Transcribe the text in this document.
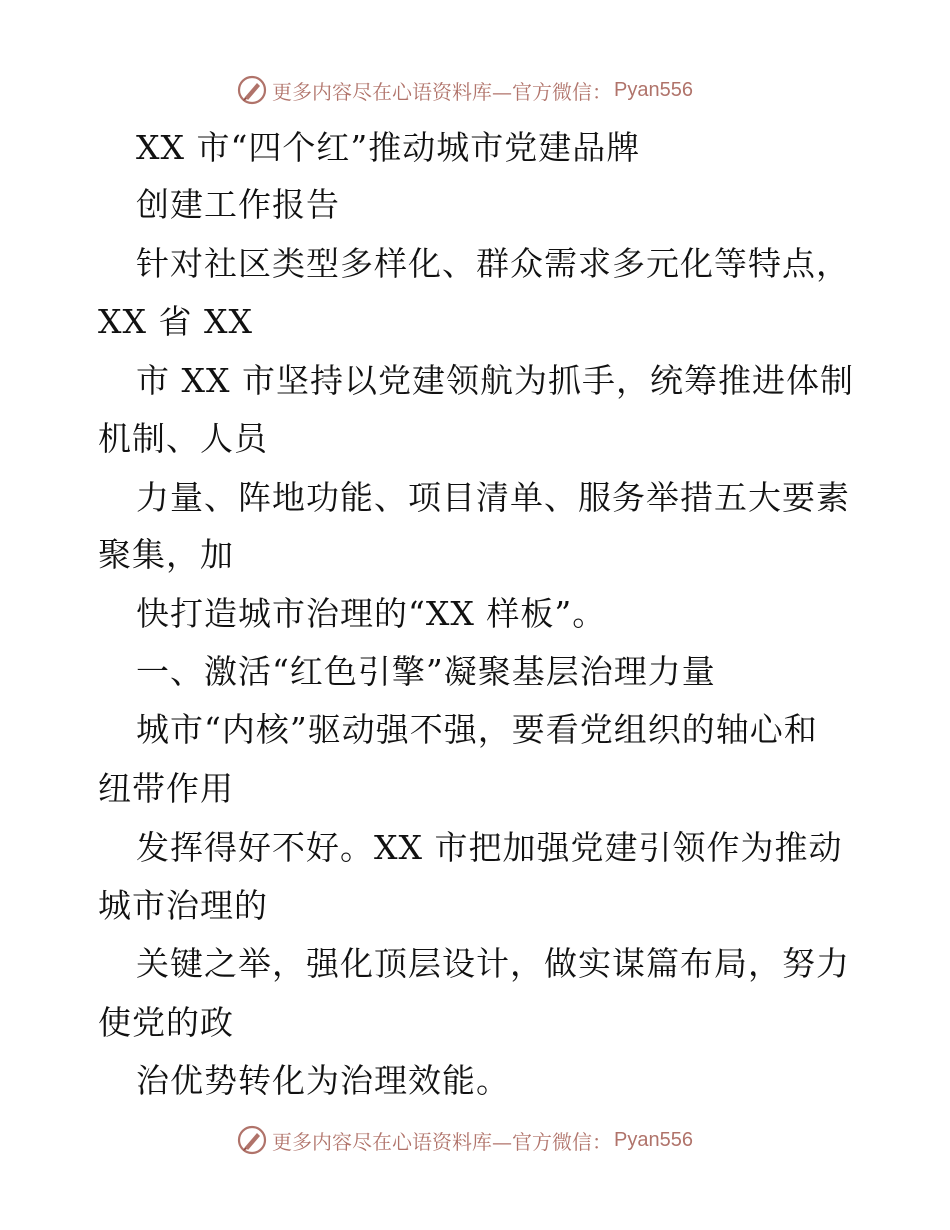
更多内容尽在心语资料库—官方微信： Pyan556
XX 市“四个红”推动城市党建品牌
创建工作报告
针对社区类型多样化、群众需求多元化等特点，
XX 省 XX
市 XX 市坚持以党建领航为抓手，统筹推进体制
机制、人员
力量、阵地功能、项目清单、服务举措五大要素
聚集，加
快打造城市治理的“XX 样板”。
一、激活“红色引擎”凝聚基层治理力量
城市“内核”驱动强不强，要看党组织的轴心和
纽带作用
发挥得好不好。XX 市把加强党建引领作为推动
城市治理的
关键之举，强化顶层设计，做实谋篇布局，努力
使党的政
治优势转化为治理效能。
更多内容尽在心语资料库—官方微信： Pyan556
